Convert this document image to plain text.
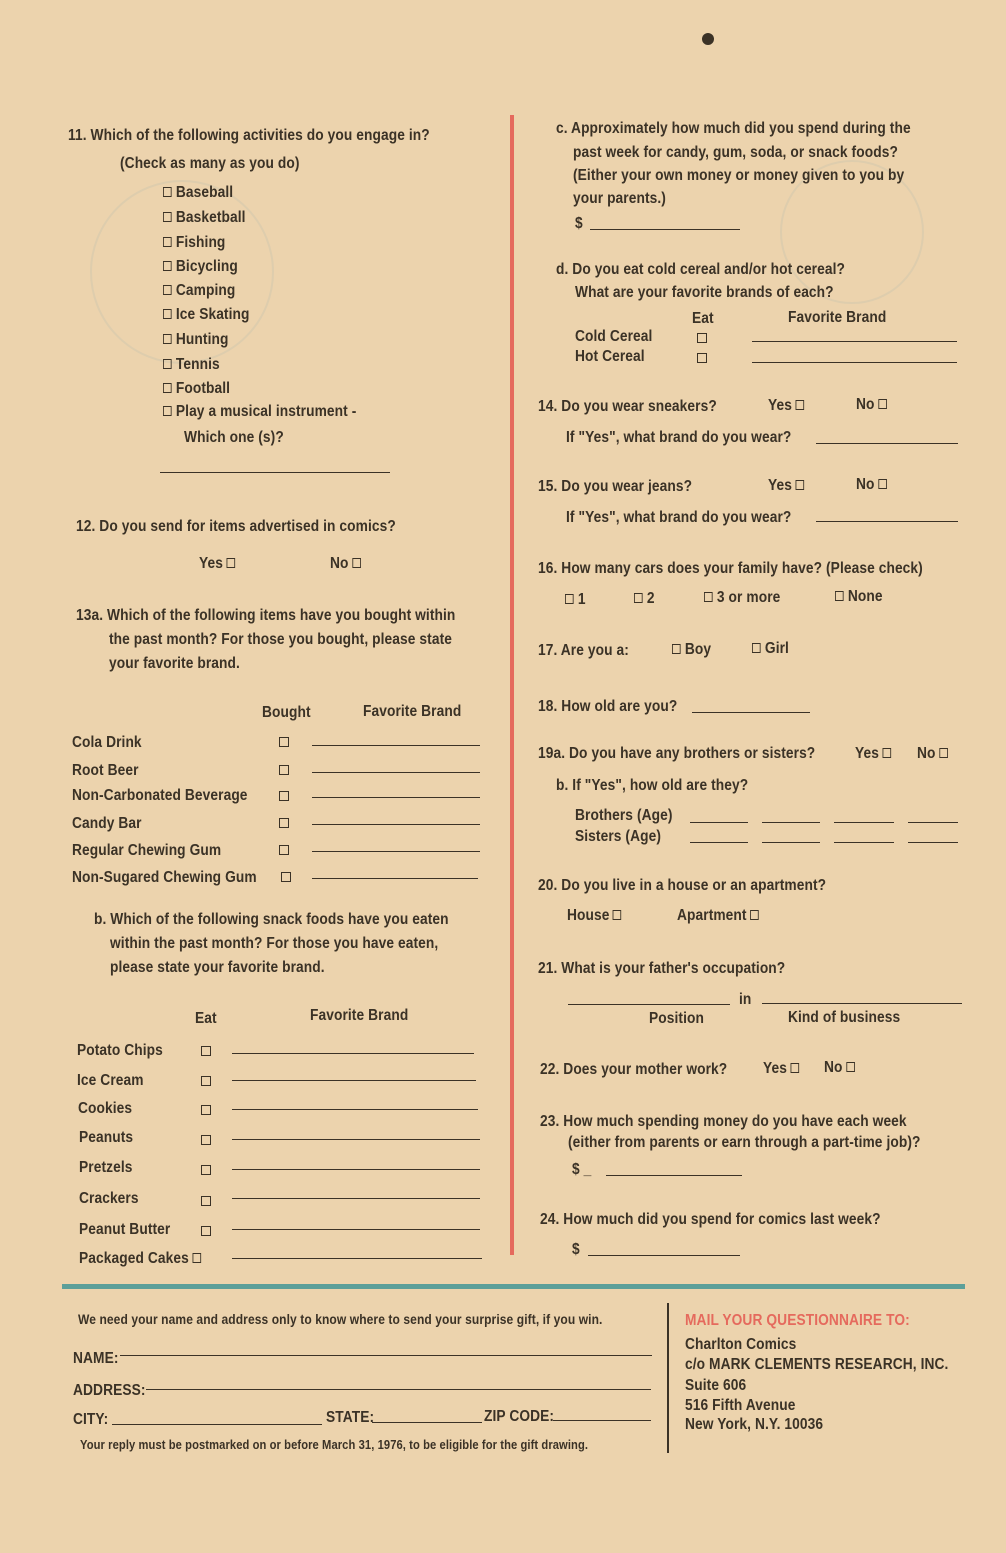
11. Which of the following activities do you engage in?
(Check as many as you do)
Baseball
Basketball
Fishing
Bicycling
Camping
Ice Skating
Hunting
Tennis
Football
Play a musical instrument -
Which one (s)?
12. Do you send for items advertised in comics?
Yes	No
13a. Which of the following items have you bought within
the past month? For those you bought, please state
your favorite brand.
Bought	Favorite Brand
Cola Drink
Root Beer
Non-Carbonated Beverage
Candy Bar
Regular Chewing Gum
Non-Sugared Chewing Gum
b. Which of the following snack foods have you eaten
within the past month? For those you have eaten,
please state your favorite brand.
Eat	Favorite Brand
Potato Chips
Ice Cream
Cookies
Peanuts
Pretzels
Crackers
Peanut Butter
Packaged Cakes
c. Approximately how much did you spend during the
past week for candy, gum, soda, or snack foods?
(Either your own money or money given to you by
your parents.)
$
d. Do you eat cold cereal and/or hot cereal?
What are your favorite brands of each?
Eat	Favorite Brand
Cold Cereal
Hot Cereal
14. Do you wear sneakers?	Yes	No
If "Yes", what brand do you wear?
15. Do you wear jeans?	Yes	No
If "Yes", what brand do you wear?
16. How many cars does your family have? (Please check)
1	2	3 or more	None
17. Are you a:	Boy	Girl
18. How old are you?
19a. Do you have any brothers or sisters? Yes	No
b. If "Yes", how old are they?
Brothers (Age)
Sisters (Age)
20. Do you live in a house or an apartment?
House	Apartment
21. What is your father's occupation?
in
Position	Kind of business
22. Does your mother work? Yes	No
23. How much spending money do you have each week
(either from parents or earn through a part-time job)?
$ _
24. How much did you spend for comics last week?
$
We need your name and address only to know where to send your surprise gift, if you win.
NAME:
ADDRESS:
CITY:	STATE:	ZIP CODE:
Your reply must be postmarked on or before March 31, 1976, to be eligible for the gift drawing.
MAIL YOUR QUESTIONNAIRE TO:
Charlton Comics
c/o MARK CLEMENTS RESEARCH, INC.
Suite 606
516 Fifth Avenue
New York, N.Y. 10036
